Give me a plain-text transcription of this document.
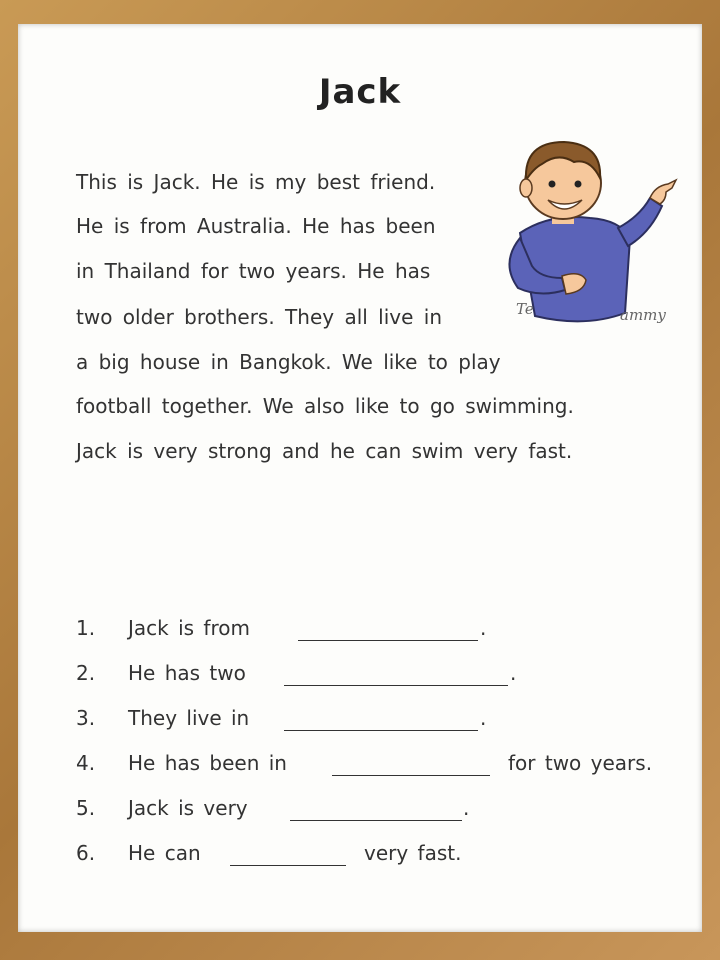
Jack
This is Jack. He is my best friend.
He is from Australia. He has been
in Thailand for two years. He has
two older brothers. They all live in
a big house in Bangkok. We like to play
football together. We also like to go swimming.
Jack is very strong and he can swim very fast.
Te	ammy
1. Jack is from	.
2. He has two	.
3. They live in	.
4. He has been in	for two years.
5. Jack is very	.
6. He can	very fast.
